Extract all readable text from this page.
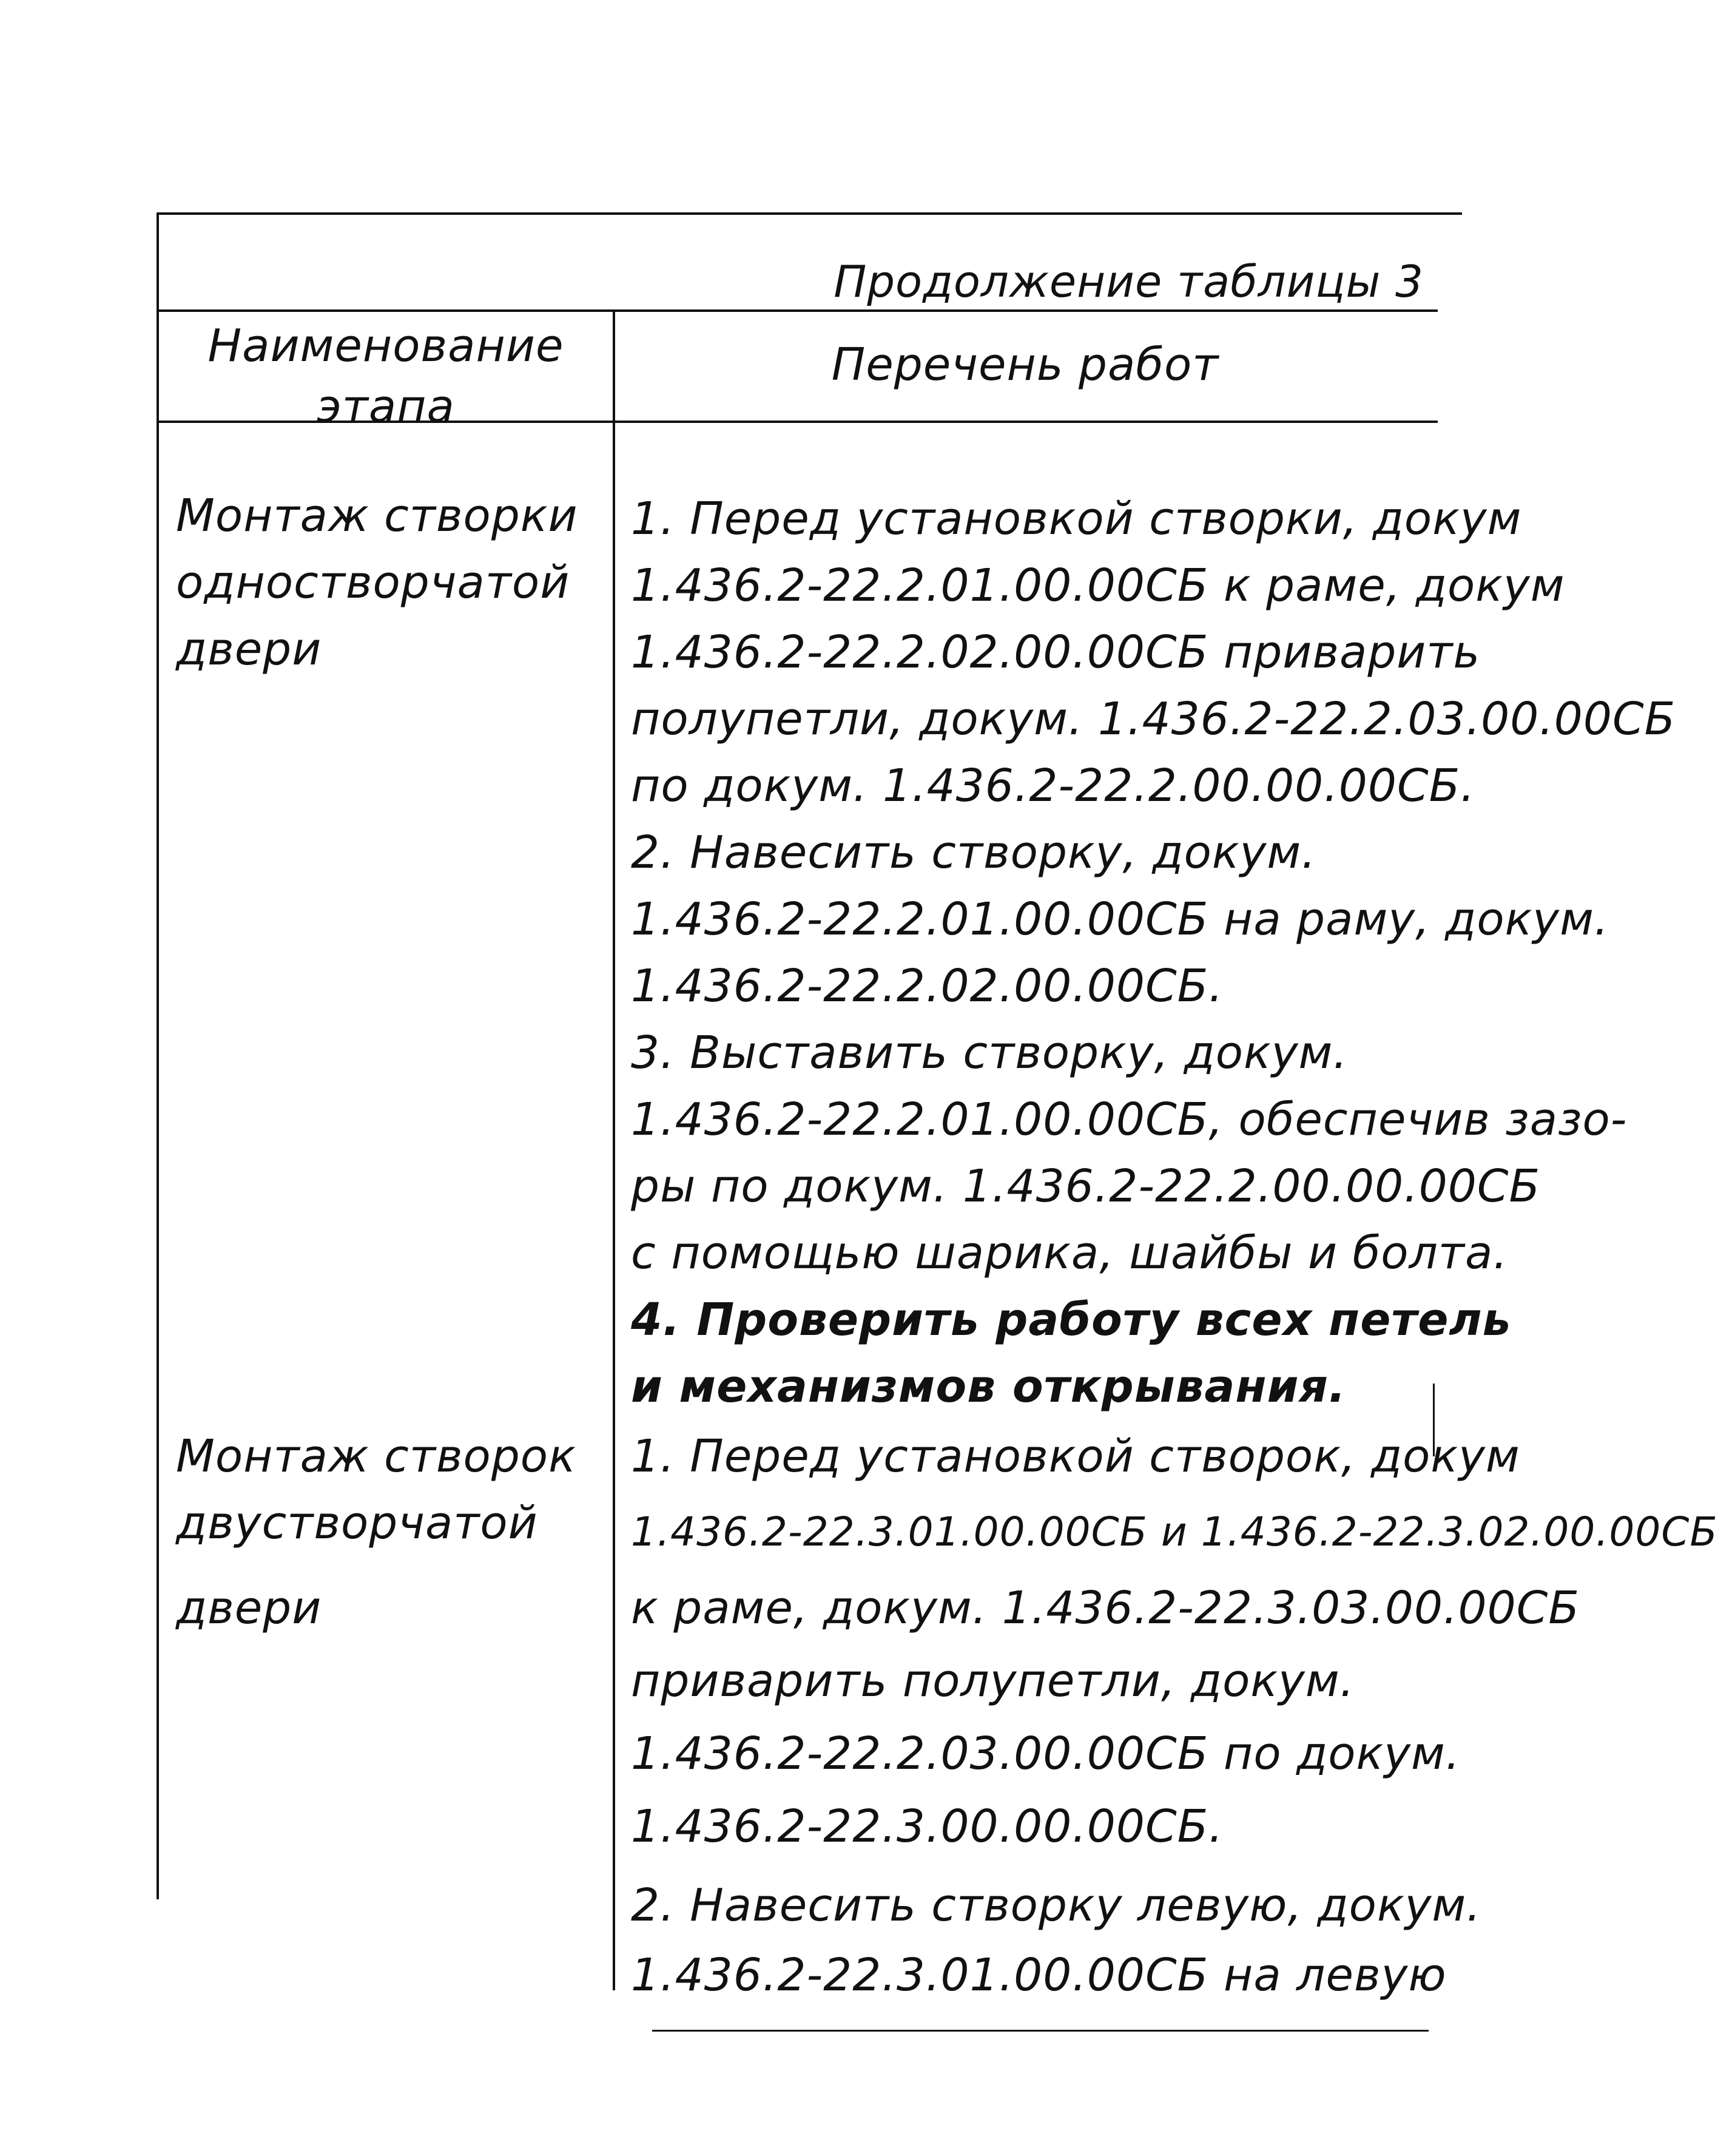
Продолжение таблицы 3
Наименование
этапа
Перечень работ
Монтаж створки
одностворчатой
двери
1. Перед установкой створки, докум
1.436.2-22.2.01.00.00СБ к раме, докум
1.436.2-22.2.02.00.00СБ приварить
полупетли, докум. 1.436.2-22.2.03.00.00СБ
по докум. 1.436.2-22.2.00.00.00СБ.
2. Навесить створку, докум.
1.436.2-22.2.01.00.00СБ на раму, докум.
1.436.2-22.2.02.00.00СБ.
3. Выставить створку, докум.
1.436.2-22.2.01.00.00СБ, обеспечив зазо-
ры по докум. 1.436.2-22.2.00.00.00СБ
с помощью шарика, шайбы и болта.
4. Проверить работу всех петель
и механизмов открывания.
Монтаж створок
двустворчатой
двери
1. Перед установкой створок, докум
1.436.2-22.3.01.00.00СБ и 1.436.2-22.3.02.00.00СБ
к раме, докум. 1.436.2-22.3.03.00.00СБ
приварить полупетли, докум.
1.436.2-22.2.03.00.00СБ по докум.
1.436.2-22.3.00.00.00СБ.
2. Навесить створку левую, докум.
1.436.2-22.3.01.00.00СБ на левую
